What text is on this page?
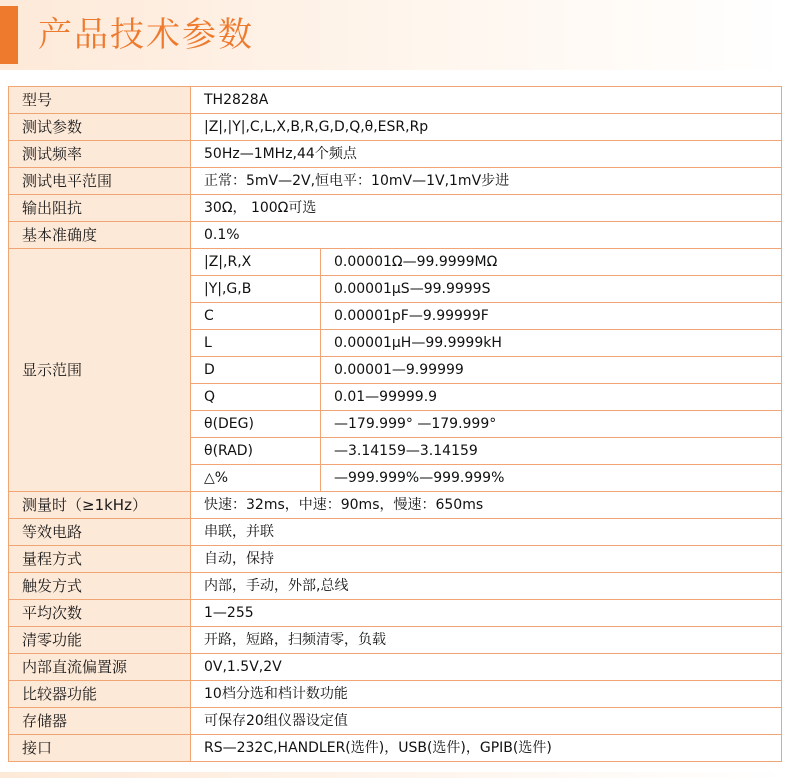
产品技术参数
型号	TH2828A	
测试参数	|Z|,|Y|,C,L,X,B,R,G,D,Q,θ,ESR,Rp	
测试频率	50Hz—1MHz,44个频点	
测试电平范围	正常：5mV—2V,恒电平：10mV—1V,1mV步进	
输出阻抗	30Ω， 100Ω可选	
基本准确度	0.1%	
显示范围	|Z|,R,X	0.00001Ω—99.9999MΩ
	|Y|,G,B	0.00001μS—99.9999S
	C	0.00001pF—9.99999F
	L	0.00001μH—99.9999kH
	D	0.00001—9.99999
	Q	0.01—99999.9
	θ(DEG)	—179.999° —179.999°
	θ(RAD)	—3.14159—3.14159
	△%	—999.999%—999.999%
测量时（≥1kHz）	快速：32ms，中速：90ms，慢速：650ms	
等效电路	串联，并联	
量程方式	自动，保持	
触发方式	内部，手动，外部,总线	
平均次数	1—255	
清零功能	开路，短路，扫频清零，负载	
内部直流偏置源	0V,1.5V,2V	
比较器功能	10档分选和档计数功能	
存储器	可保存20组仪器设定值	
接口	RS—232C,HANDLER(选件)，USB(选件)，GPIB(选件)	
